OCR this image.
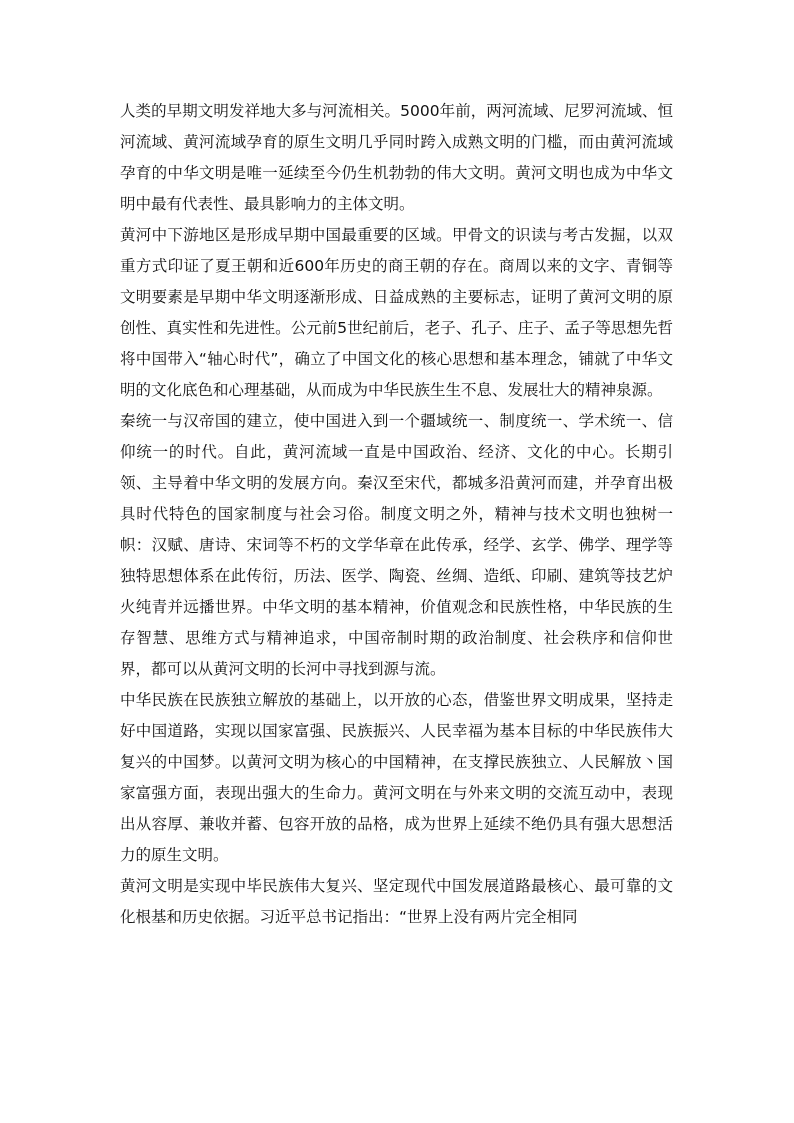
人类的早期文明发祥地大多与河流相关。5000年前，两河流域、尼罗河流域、恒河流域、黄河流域孕育的原生文明几乎同时跨入成熟文明的门槛，而由黄河流域孕育的中华文明是唯一延续至今仍生机勃勃的伟大文明。黄河文明也成为中华文明中最有代表性、最具影响力的主体文明。

黄河中下游地区是形成早期中国最重要的区域。甲骨文的识读与考古发掘，以双重方式印证了夏王朝和近600年历史的商王朝的存在。商周以来的文字、青铜等文明要素是早期中华文明逐渐形成、日益成熟的主要标志，证明了黄河文明的原创性、真实性和先进性。公元前5世纪前后，老子、孔子、庄子、孟子等思想先哲将中国带入“轴心时代”，确立了中国文化的核心思想和基本理念，铺就了中华文明的文化底色和心理基础，从而成为中华民族生生不息、发展壮大的精神泉源。

秦统一与汉帝国的建立，使中国进入到一个疆域统一、制度统一、学术统一、信仰统一的时代。自此，黄河流域一直是中国政治、经济、文化的中心。长期引领、主导着中华文明的发展方向。秦汉至宋代，都城多沿黄河而建，并孕育出极具时代特色的国家制度与社会习俗。制度文明之外，精神与技术文明也独树一帜：汉赋、唐诗、宋词等不朽的文学华章在此传承，经学、玄学、佛学、理学等独特思想体系在此传衍，历法、医学、陶瓷、丝绸、造纸、印刷、建筑等技艺炉火纯青并远播世界。中华文明的基本精神，价值观念和民族性格，中华民族的生存智慧、思维方式与精神追求，中国帝制时期的政治制度、社会秩序和信仰世界，都可以从黄河文明的长河中寻找到源与流。

中华民族在民族独立解放的基础上，以开放的心态，借鉴世界文明成果，坚持走好中国道路，实现以国家富强、民族振兴、人民幸福为基本目标的中华民族伟大复兴的中国梦。以黄河文明为核心的中国精神，在支撑民族独立、人民解放丶国家富强方面，表现出强大的生命力。黄河文明在与外来文明的交流互动中，表现出从容厚、兼收并蓄、包容开放的品格，成为世界上延续不绝仍具有强大思想活力的原生文明。

黄河文明是实现中毕民族伟大复兴、坚定现代中国发展道路最核心、最可靠的文化根基和历史依据。习近平总书记指出：“世界上没有两片完全相同
